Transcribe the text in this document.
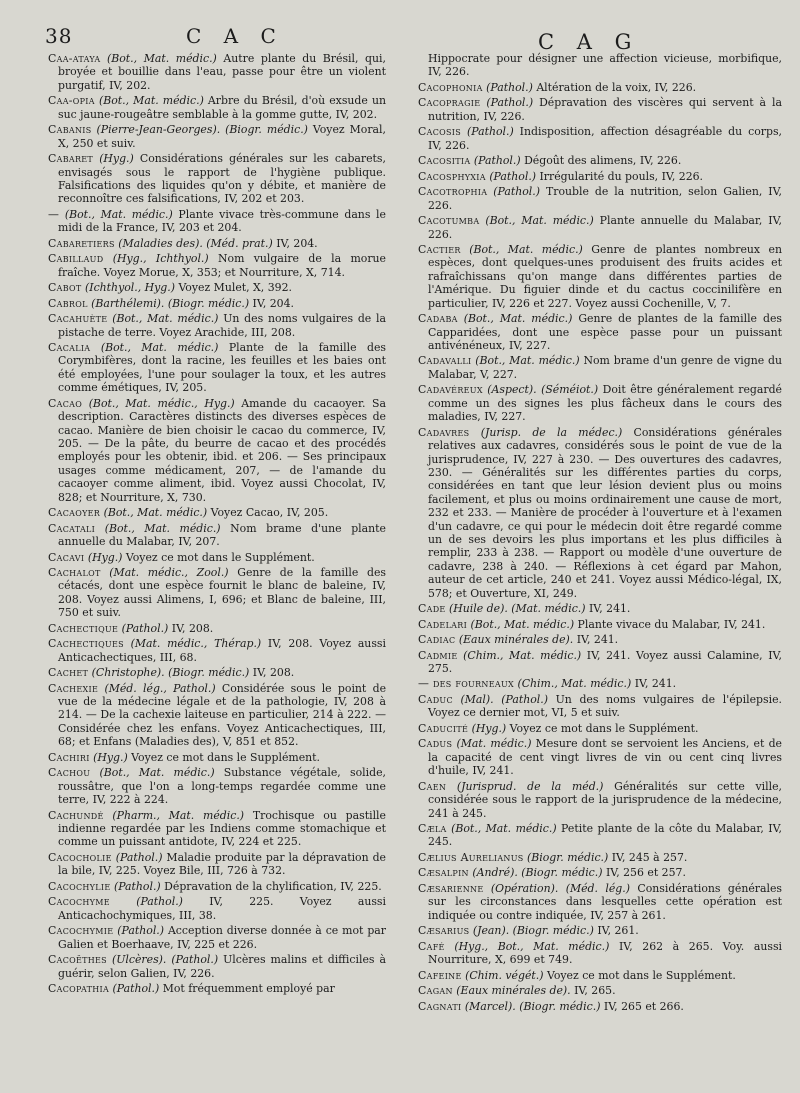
38	C A C	C A G

Caa-ataya (Bot., Mat. médic.) Autre plante du Brésil, qui, broyée et bouillie dans l'eau, passe pour être un violent purgatif, IV, 202.

Caa-opia (Bot., Mat. médic.) Arbre du Brésil, d'où exsude un suc jaune-rougeâtre semblable à la gomme gutte, IV, 202.

Cabanis (Pierre-Jean-Georges). (Biogr. médic.) Voyez Moral, X, 250 et suiv.

Cabaret (Hyg.) Considérations générales sur les cabarets, envisagés sous le rapport de l'hygiène publique. Falsifications des liquides qu'on y débite, et manière de reconnoître ces falsifications, IV, 202 et 203.

— (Bot., Mat. médic.) Plante vivace très-commune dans le midi de la France, IV, 203 et 204.

Cabaretiers (Maladies des). (Méd. prat.) IV, 204.

Cabillaud (Hyg., Ichthyol.) Nom vulgaire de la morue fraîche. Voyez Morue, X, 353; et Nourriture, X, 714.

Cabot (Ichthyol., Hyg.) Voyez Mulet, X, 392.

Cabrol (Barthélemi). (Biogr. médic.) IV, 204.

Cacahuète (Bot., Mat. médic.) Un des noms vulgaires de la pistache de terre. Voyez Arachide, III, 208.

Cacalia (Bot., Mat. médic.) Plante de la famille des Corymbifères, dont la racine, les feuilles et les baies ont été employées, l'une pour soulager la toux, et les autres comme émétiques, IV, 205.

Cacao (Bot., Mat. médic., Hyg.) Amande du cacaoyer. Sa description. Caractères distincts des diverses espèces de cacao. Manière de bien choisir le cacao du commerce, IV, 205. — De la pâte, du beurre de cacao et des procédés employés pour les obtenir, ibid. et 206. — Ses principaux usages comme médicament, 207, — de l'amande du cacaoyer comme aliment, ibid. Voyez aussi Chocolat, IV, 828; et Nourriture, X, 730.

Cacaoyer (Bot., Mat. médic.) Voyez Cacao, IV, 205.

Cacatali (Bot., Mat. médic.) Nom brame d'une plante annuelle du Malabar, IV, 207.

Cacavi (Hyg.) Voyez ce mot dans le Supplément.

Cachalot (Mat. médic., Zool.) Genre de la famille des cétacés, dont une espèce fournit le blanc de baleine, IV, 208. Voyez aussi Alimens, I, 696; et Blanc de baleine, III, 750 et suiv.

Cachectique (Pathol.) IV, 208.

Cachectiques (Mat. médic., Thérap.) IV, 208. Voyez aussi Anticachectiques, III, 68.

Cachet (Christophe). (Biogr. médic.) IV, 208.

Cachexie (Méd. lég., Pathol.) Considérée sous le point de vue de la médecine légale et de la pathologie, IV, 208 à 214. — De la cachexie laiteuse en particulier, 214 à 222. — Considérée chez les enfans. Voyez Anticachectiques, III, 68; et Enfans (Maladies des), V, 851 et 852.

Cachiri (Hyg.) Voyez ce mot dans le Supplément.

Cachou (Bot., Mat. médic.) Substance végétale, solide, roussâtre, que l'on a long-temps regardée comme une terre, IV, 222 à 224.

Cachundé (Pharm., Mat. médic.) Trochisque ou pastille indienne regardée par les Indiens comme stomachique et comme un puissant antidote, IV, 224 et 225.

Cacocholie (Pathol.) Maladie produite par la dépravation de la bile, IV, 225. Voyez Bile, III, 726 à 732.

Cacochylie (Pathol.) Dépravation de la chylification, IV, 225.

Cacochyme (Pathol.) IV, 225. Voyez aussi Anticachochymiques, III, 38.

Cacochymie (Pathol.) Acception diverse donnée à ce mot par Galien et Boerhaave, IV, 225 et 226.

Cacoëthes (Ulcères). (Pathol.) Ulcères malins et difficiles à guérir, selon Galien, IV, 226.

Cacopathia (Pathol.) Mot fréquemment employé par

Hippocrate pour désigner une affection vicieuse, morbifique, IV, 226.

Cacophonia (Pathol.) Altération de la voix, IV, 226.

Cacopragie (Pathol.) Dépravation des viscères qui servent à la nutrition, IV, 226.

Cacosis (Pathol.) Indisposition, affection désagréable du corps, IV, 226.

Cacositia (Pathol.) Dégoût des alimens, IV, 226.

Cacosphyxia (Pathol.) Irrégularité du pouls, IV, 226.

Cacotrophia (Pathol.) Trouble de la nutrition, selon Galien, IV, 226.

Cacotumba (Bot., Mat. médic.) Plante annuelle du Malabar, IV, 226.

Cactier (Bot., Mat. médic.) Genre de plantes nombreux en espèces, dont quelques-unes produisent des fruits acides et rafraîchissans qu'on mange dans différentes parties de l'Amérique. Du figuier dinde et du cactus coccinilifère en particulier, IV, 226 et 227. Voyez aussi Cochenille, V, 7.

Cadaba (Bot., Mat. médic.) Genre de plantes de la famille des Capparidées, dont une espèce passe pour un puissant antivénéneux, IV, 227.

Cadavalli (Bot., Mat. médic.) Nom brame d'un genre de vigne du Malabar, V, 227.

Cadavéreux (Aspect). (Séméiot.) Doit être généralement regardé comme un des signes les plus fâcheux dans le cours des maladies, IV, 227.

Cadavres (Jurisp. de la médec.) Considérations générales relatives aux cadavres, considérés sous le point de vue de la jurisprudence, IV, 227 à 230. — Des ouvertures des cadavres, 230. — Généralités sur les différentes parties du corps, considérées en tant que leur lésion devient plus ou moins facilement, et plus ou moins ordinairement une cause de mort, 232 et 233. — Manière de procéder à l'ouverture et à l'examen d'un cadavre, ce qui pour le médecin doit être regardé comme un de ses devoirs les plus importans et les plus difficiles à remplir, 233 à 238. — Rapport ou modèle d'une ouverture de cadavre, 238 à 240. — Réflexions à cet égard par Mahon, auteur de cet article, 240 et 241. Voyez aussi Médico-légal, IX, 578; et Ouverture, XI, 249.

Cade (Huile de). (Mat. médic.) IV, 241.

Cadelari (Bot., Mat. médic.) Plante vivace du Malabar, IV, 241.

Cadiac (Eaux minérales de). IV, 241.

Cadmie (Chim., Mat. médic.) IV, 241. Voyez aussi Calamine, IV, 275.

— des fourneaux (Chim., Mat. médic.) IV, 241.

Caduc (Mal). (Pathol.) Un des noms vulgaires de l'épilepsie. Voyez ce dernier mot, VI, 5 et suiv.

Caducité (Hyg.) Voyez ce mot dans le Supplément.

Cadus (Mat. médic.) Mesure dont se servoient les Anciens, et de la capacité de cent vingt livres de vin ou cent cinq livres d'huile, IV, 241.

Caen (Jurisprud. de la méd.) Généralités sur cette ville, considérée sous le rapport de la jurisprudence de la médecine, 241 à 245.

Cæla (Bot., Mat. médic.) Petite plante de la côte du Malabar, IV, 245.

Cælius Aurelianus (Biogr. médic.) IV, 245 à 257.

Cæsalpin (André). (Biogr. médic.) IV, 256 et 257.

Cæsarienne (Opération). (Méd. lég.) Considérations générales sur les circonstances dans lesquelles cette opération est indiquée ou contre indiquée, IV, 257 à 261.

Cæsarius (Jean). (Biogr. médic.) IV, 261.

Café (Hyg., Bot., Mat. médic.) IV, 262 à 265. Voy. aussi Nourriture, X, 699 et 749.

Cafeine (Chim. végét.) Voyez ce mot dans le Supplément.

Cagan (Eaux minérales de). IV, 265.

Cagnati (Marcel). (Biogr. médic.) IV, 265 et 266.
